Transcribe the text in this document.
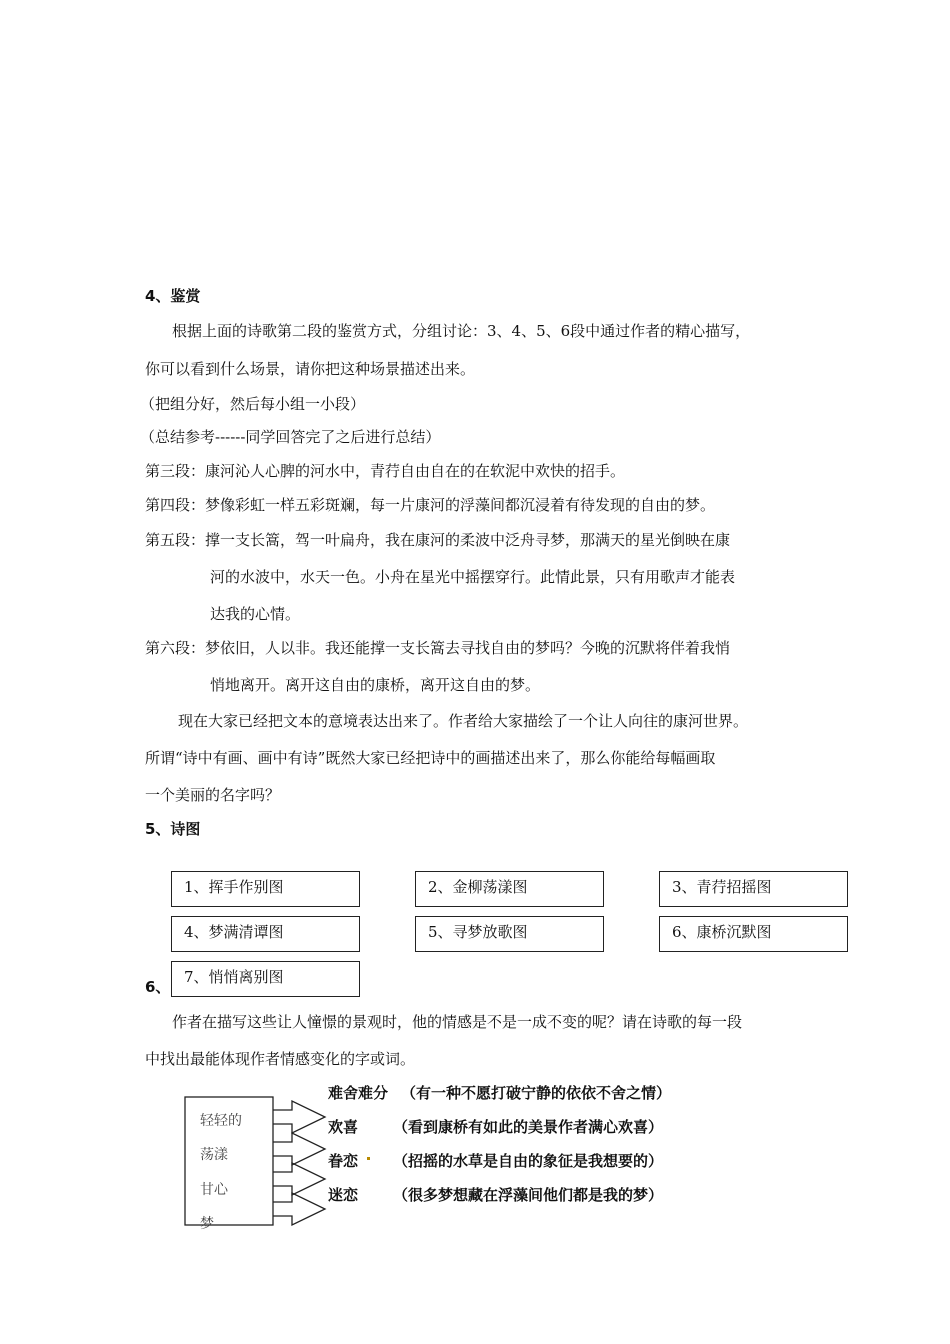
4、鉴赏
根据上面的诗歌第二段的鉴赏方式，分组讨论：3、4、5、6段中通过作者的精心描写，
你可以看到什么场景，请你把这种场景描述出来。
（把组分好，然后每小组一小段）
（总结参考------同学回答完了之后进行总结）
第三段：康河沁人心脾的河水中，青荇自由自在的在软泥中欢快的招手。
第四段：梦像彩虹一样五彩斑斓，每一片康河的浮藻间都沉浸着有待发现的自由的梦。
第五段：撑一支长篙，驾一叶扁舟，我在康河的柔波中泛舟寻梦，那满天的星光倒映在康
河的水波中，水天一色。小舟在星光中摇摆穿行。此情此景，只有用歌声才能表
达我的心情。
第六段：梦依旧，人以非。我还能撑一支长篙去寻找自由的梦吗？今晚的沉默将伴着我悄
悄地离开。离开这自由的康桥，离开这自由的梦。
现在大家已经把文本的意境表达出来了。作者给大家描绘了一个让人向往的康河世界。
所谓“诗中有画、画中有诗”既然大家已经把诗中的画描述出来了，那么你能给每幅画取
一个美丽的名字吗？
5、诗图
1、挥手作别图	2、金柳荡漾图	3、青荇招摇图
4、梦满清谭图	5、寻梦放歌图	6、康桥沉默图
6、
7、悄悄离别图
作者在描写这些让人憧憬的景观时，他的情感是不是一成不变的呢？请在诗歌的每一段
中找出最能体现作者情感变化的字或词。
轻轻的
荡漾
甘心
梦
难舍难分 （有一种不愿打破宁静的依依不舍之情）
欢喜 （看到康桥有如此的美景作者满心欢喜）
眷恋 （招摇的水草是自由的象征是我想要的）
迷恋 （很多梦想藏在浮藻间他们都是我的梦）
